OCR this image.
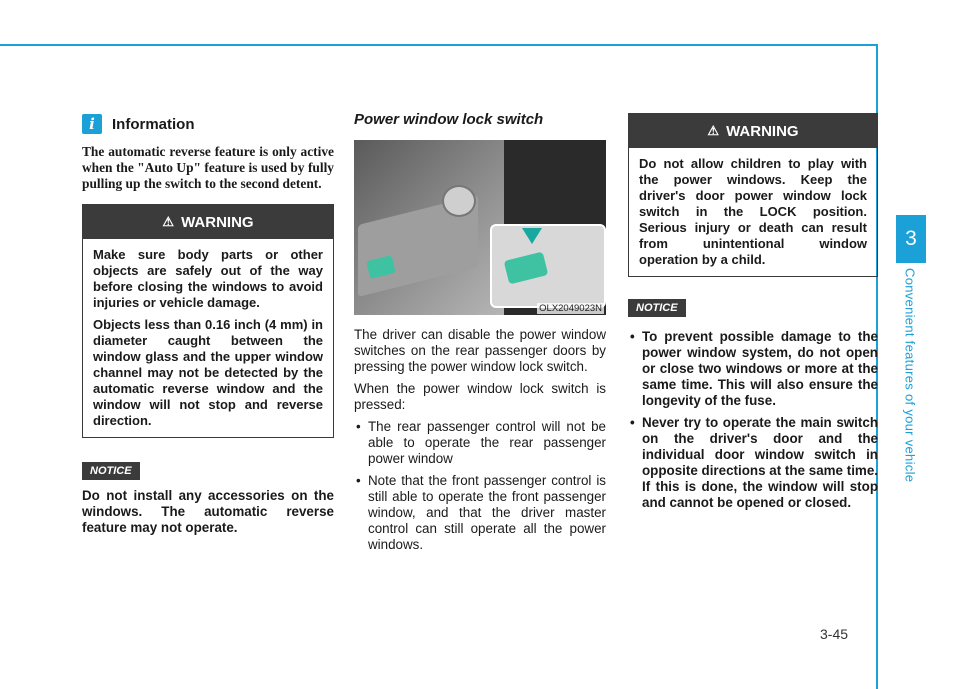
3
Convenient features of your vehicle
3-45
i	Information
The automatic reverse feature is only active when the "Auto Up" feature is used by fully pulling up the switch to the second detent.
⚠ WARNING

Make sure body parts or other objects are safely out of the way before closing the windows to avoid injuries or vehicle damage.

Objects less than 0.16 inch (4 mm) in diameter caught between the window glass and the upper window channel may not be detected by the automatic reverse window and the window will not stop and reverse direction.

NOTICE
Do not install any accessories on the windows. The automatic reverse feature may not operate.
Power window lock switch
OLX2049023N

The driver can disable the power window switches on the rear passenger doors by pressing the power window lock switch.

When the power window lock switch is pressed:

• The rear passenger control will not be able to operate the rear passenger power window
• Note that the front passenger control is still able to operate the front passenger window, and that the driver master control can still operate all the power windows.
⚠ WARNING

Do not allow children to play with the power windows. Keep the driver's door power window lock switch in the LOCK position. Serious injury or death can result from unintentional window operation by a child.

NOTICE
• To prevent possible damage to the power window system, do not open or close two windows or more at the same time. This will also ensure the longevity of the fuse.
• Never try to operate the main switch on the driver's door and the individual door window switch in opposite directions at the same time. If this is done, the window will stop and cannot be opened or closed.
